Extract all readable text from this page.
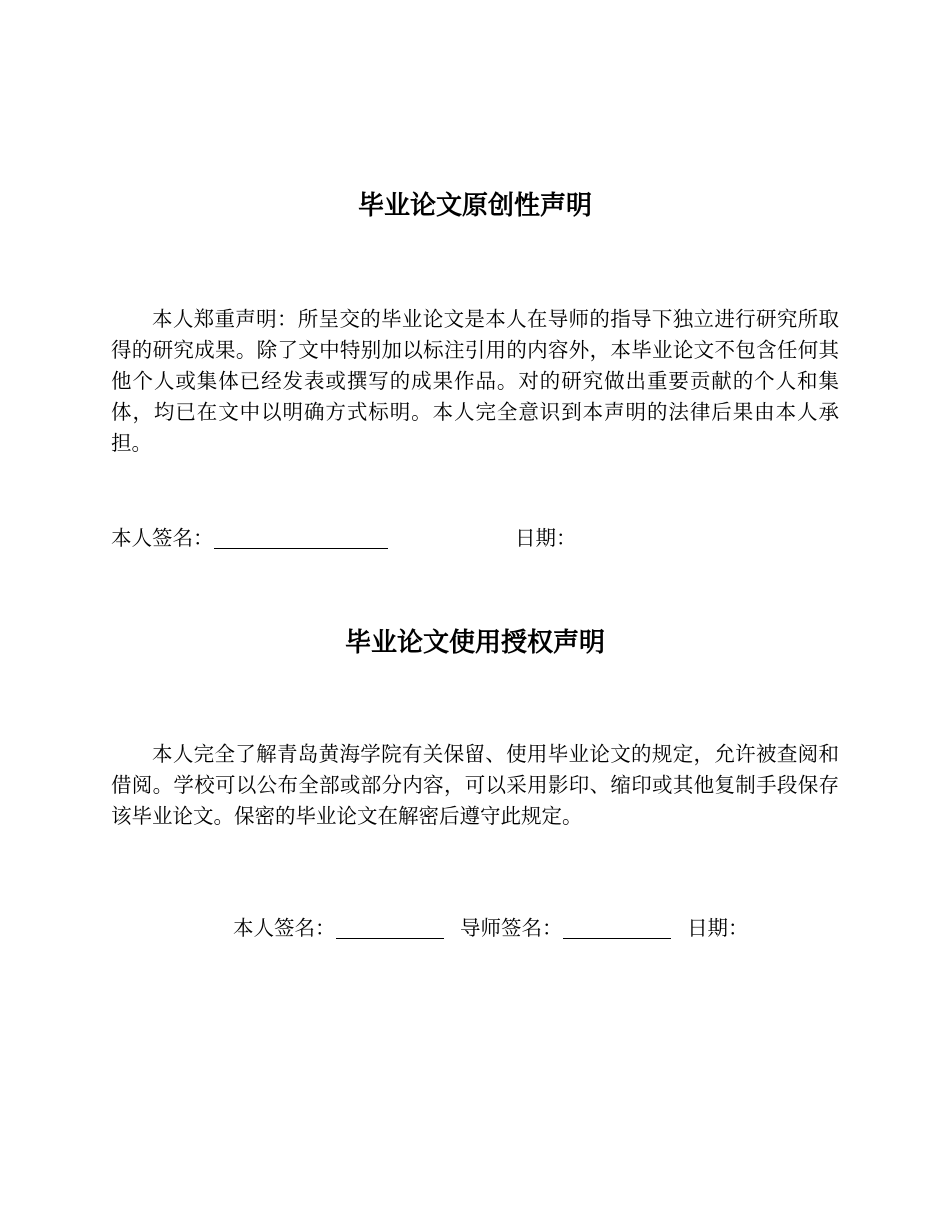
毕业论文原创性声明

本人郑重声明：所呈交的毕业论文是本人在导师的指导下独立进行研究所取得的研究成果。除了文中特别加以标注引用的内容外，本毕业论文不包含任何其他个人或集体已经发表或撰写的成果作品。对的研究做出重要贡献的个人和集体，均已在文中以明确方式标明。本人完全意识到本声明的法律后果由本人承担。

本人签名：	日期：
毕业论文使用授权声明

本人完全了解青岛黄海学院有关保留、使用毕业论文的规定，允许被查阅和借阅。学校可以公布全部或部分内容，可以采用影印、缩印或其他复制手段保存该毕业论文。保密的毕业论文在解密后遵守此规定。

本人签名：	导师签名：	日期：
